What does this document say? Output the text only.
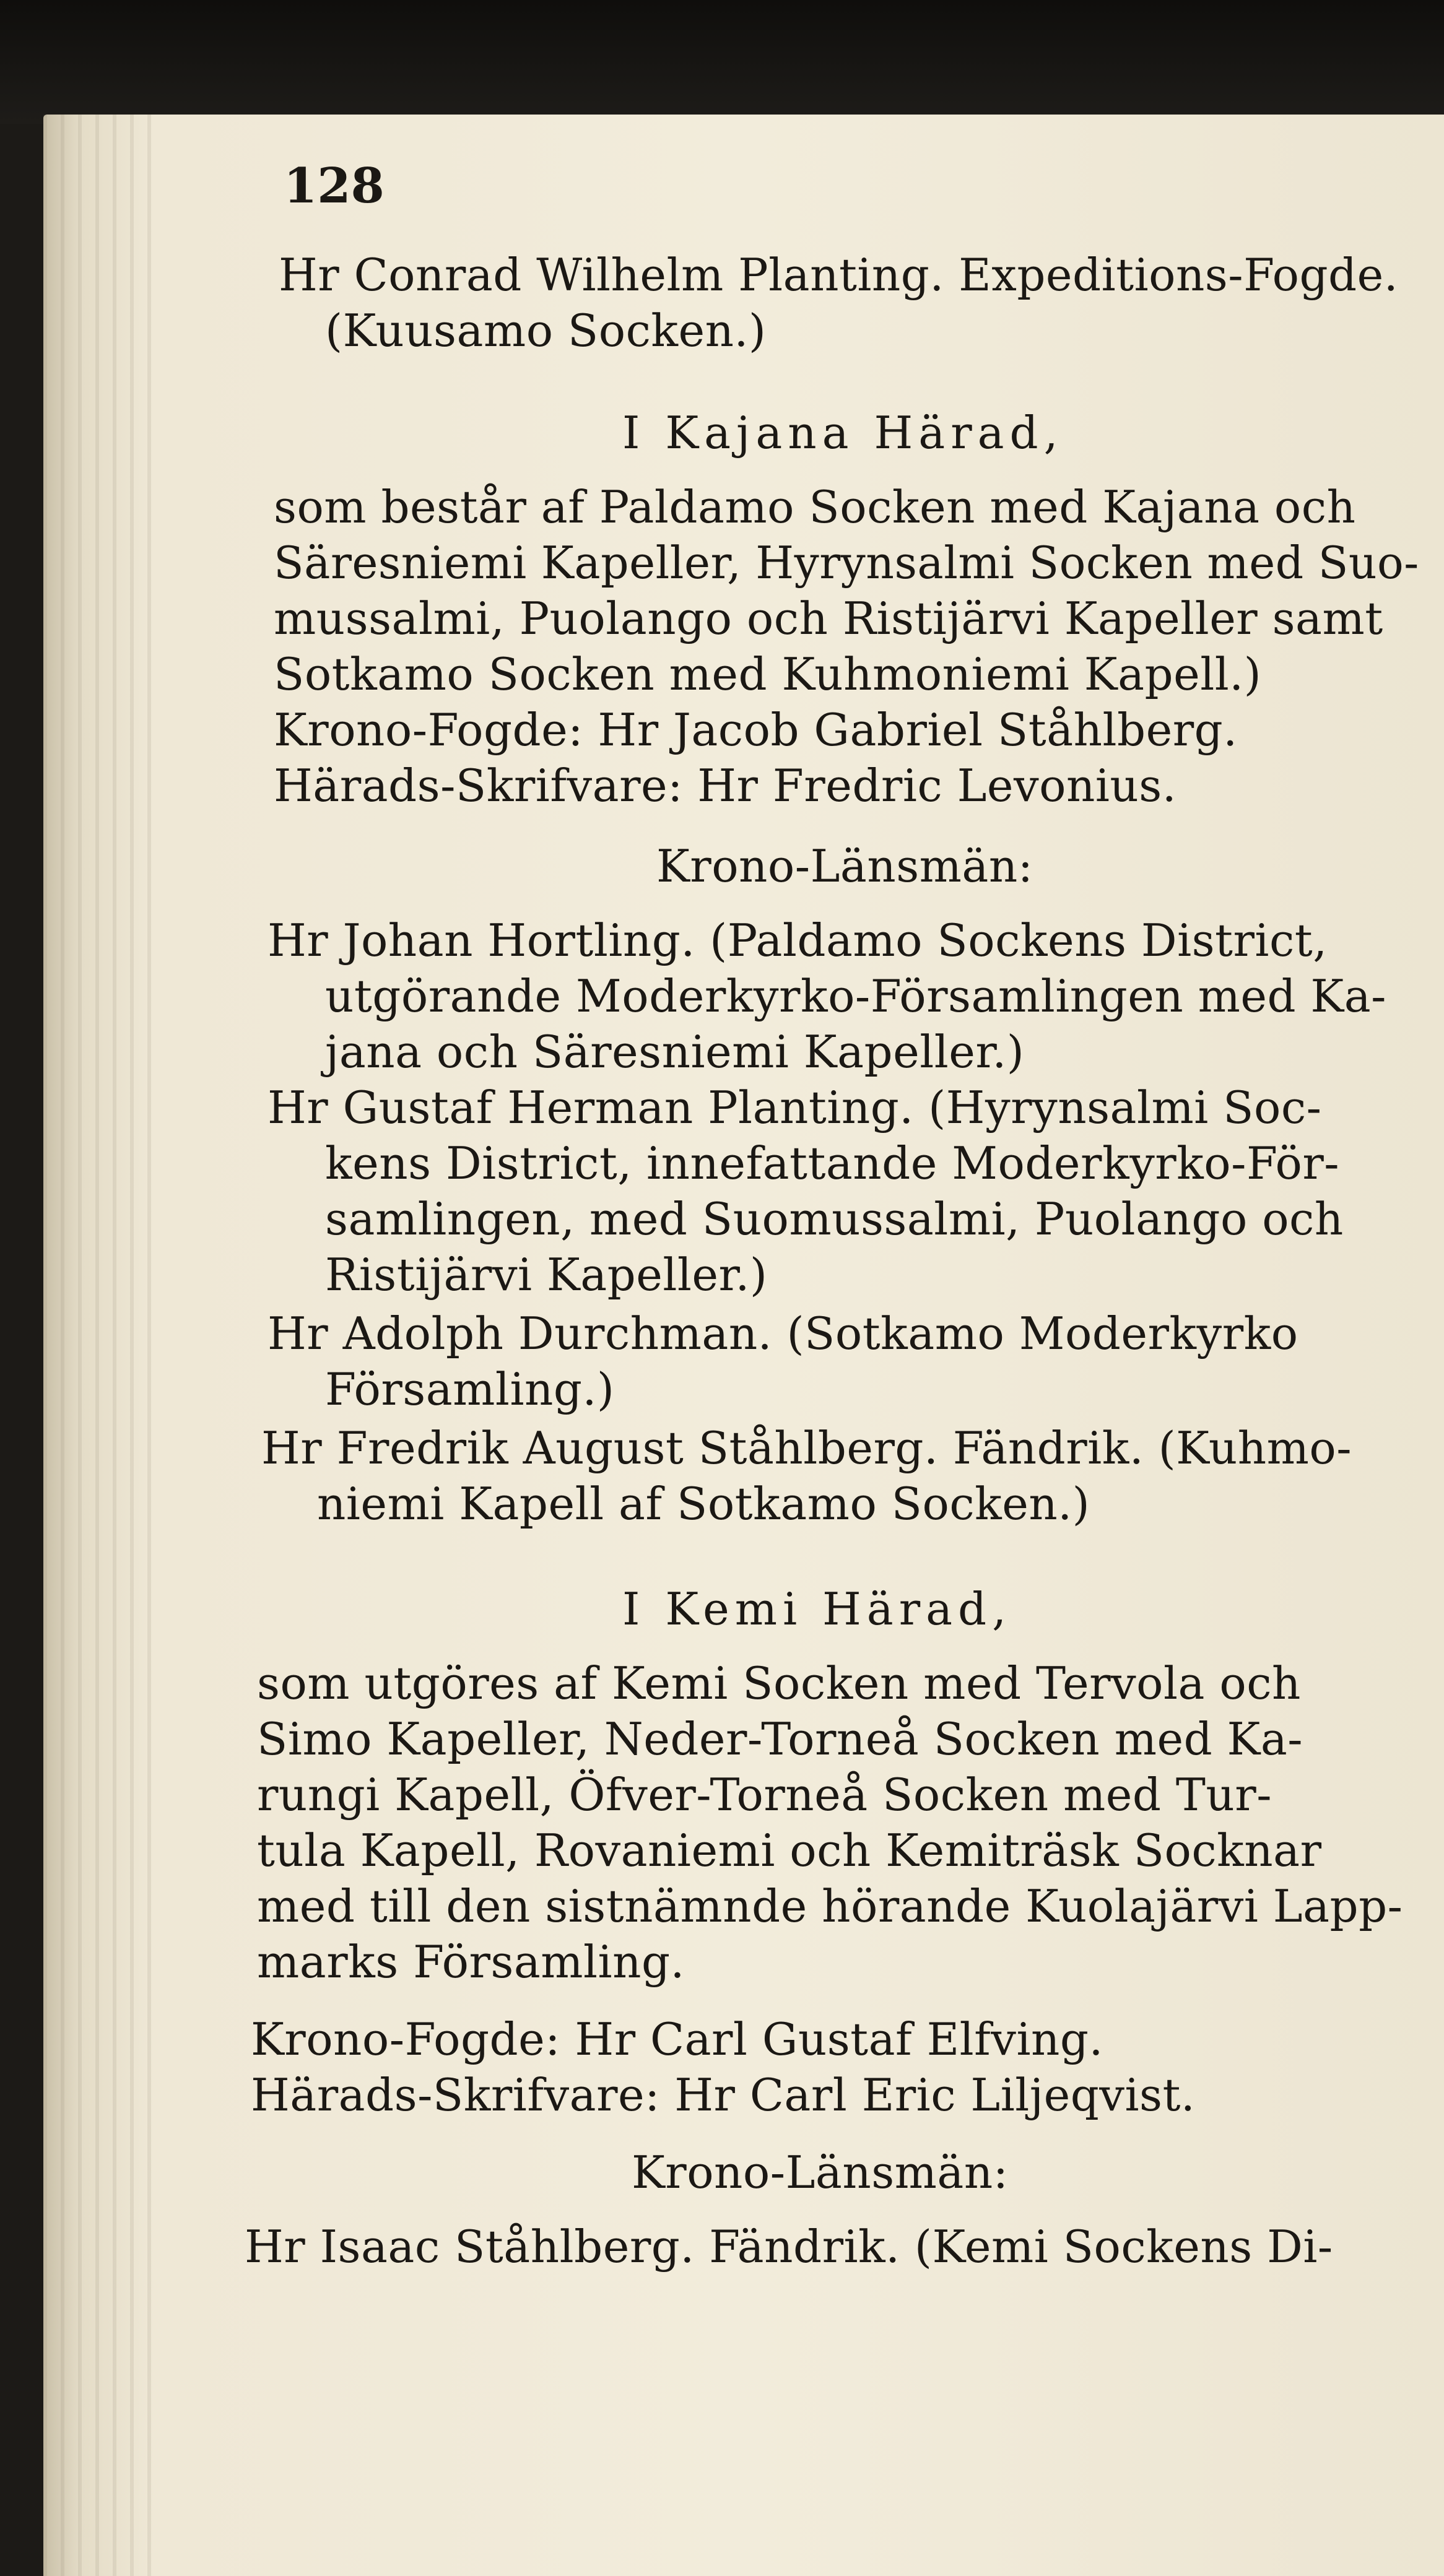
128
Hr Conrad Wilhelm Planting. Expeditions-Fogde.
(Kuusamo Socken.)
I Kajana Härad,
som består af Paldamo Socken med Kajana och
Säresniemi Kapeller, Hyrynsalmi Socken med Suo-
mussalmi, Puolango och Ristijärvi Kapeller samt
Sotkamo Socken med Kuhmoniemi Kapell.)
Krono-Fogde: Hr Jacob Gabriel Ståhlberg.
Härads-Skrifvare: Hr Fredric Levonius.
Krono-Länsmän:
Hr Johan Hortling. (Paldamo Sockens District,
utgörande Moderkyrko-Församlingen med Ka-
jana och Säresniemi Kapeller.)
Hr Gustaf Herman Planting. (Hyrynsalmi Soc-
kens District, innefattande Moderkyrko-För-
samlingen, med Suomussalmi, Puolango och
Ristijärvi Kapeller.)
Hr Adolph Durchman. (Sotkamo Moderkyrko
Församling.)
Hr Fredrik August Ståhlberg. Fändrik. (Kuhmo-
niemi Kapell af Sotkamo Socken.)
I Kemi Härad,
som utgöres af Kemi Socken med Tervola och
Simo Kapeller, Neder-Torneå Socken med Ka-
rungi Kapell, Öfver-Torneå Socken med Tur-
tula Kapell, Rovaniemi och Kemiträsk Socknar
med till den sistnämnde hörande Kuolajärvi Lapp-
marks Församling.
Krono-Fogde: Hr Carl Gustaf Elfving.
Härads-Skrifvare: Hr Carl Eric Liljeqvist.
Krono-Länsmän:
Hr Isaac Ståhlberg. Fändrik. (Kemi Sockens Di-
